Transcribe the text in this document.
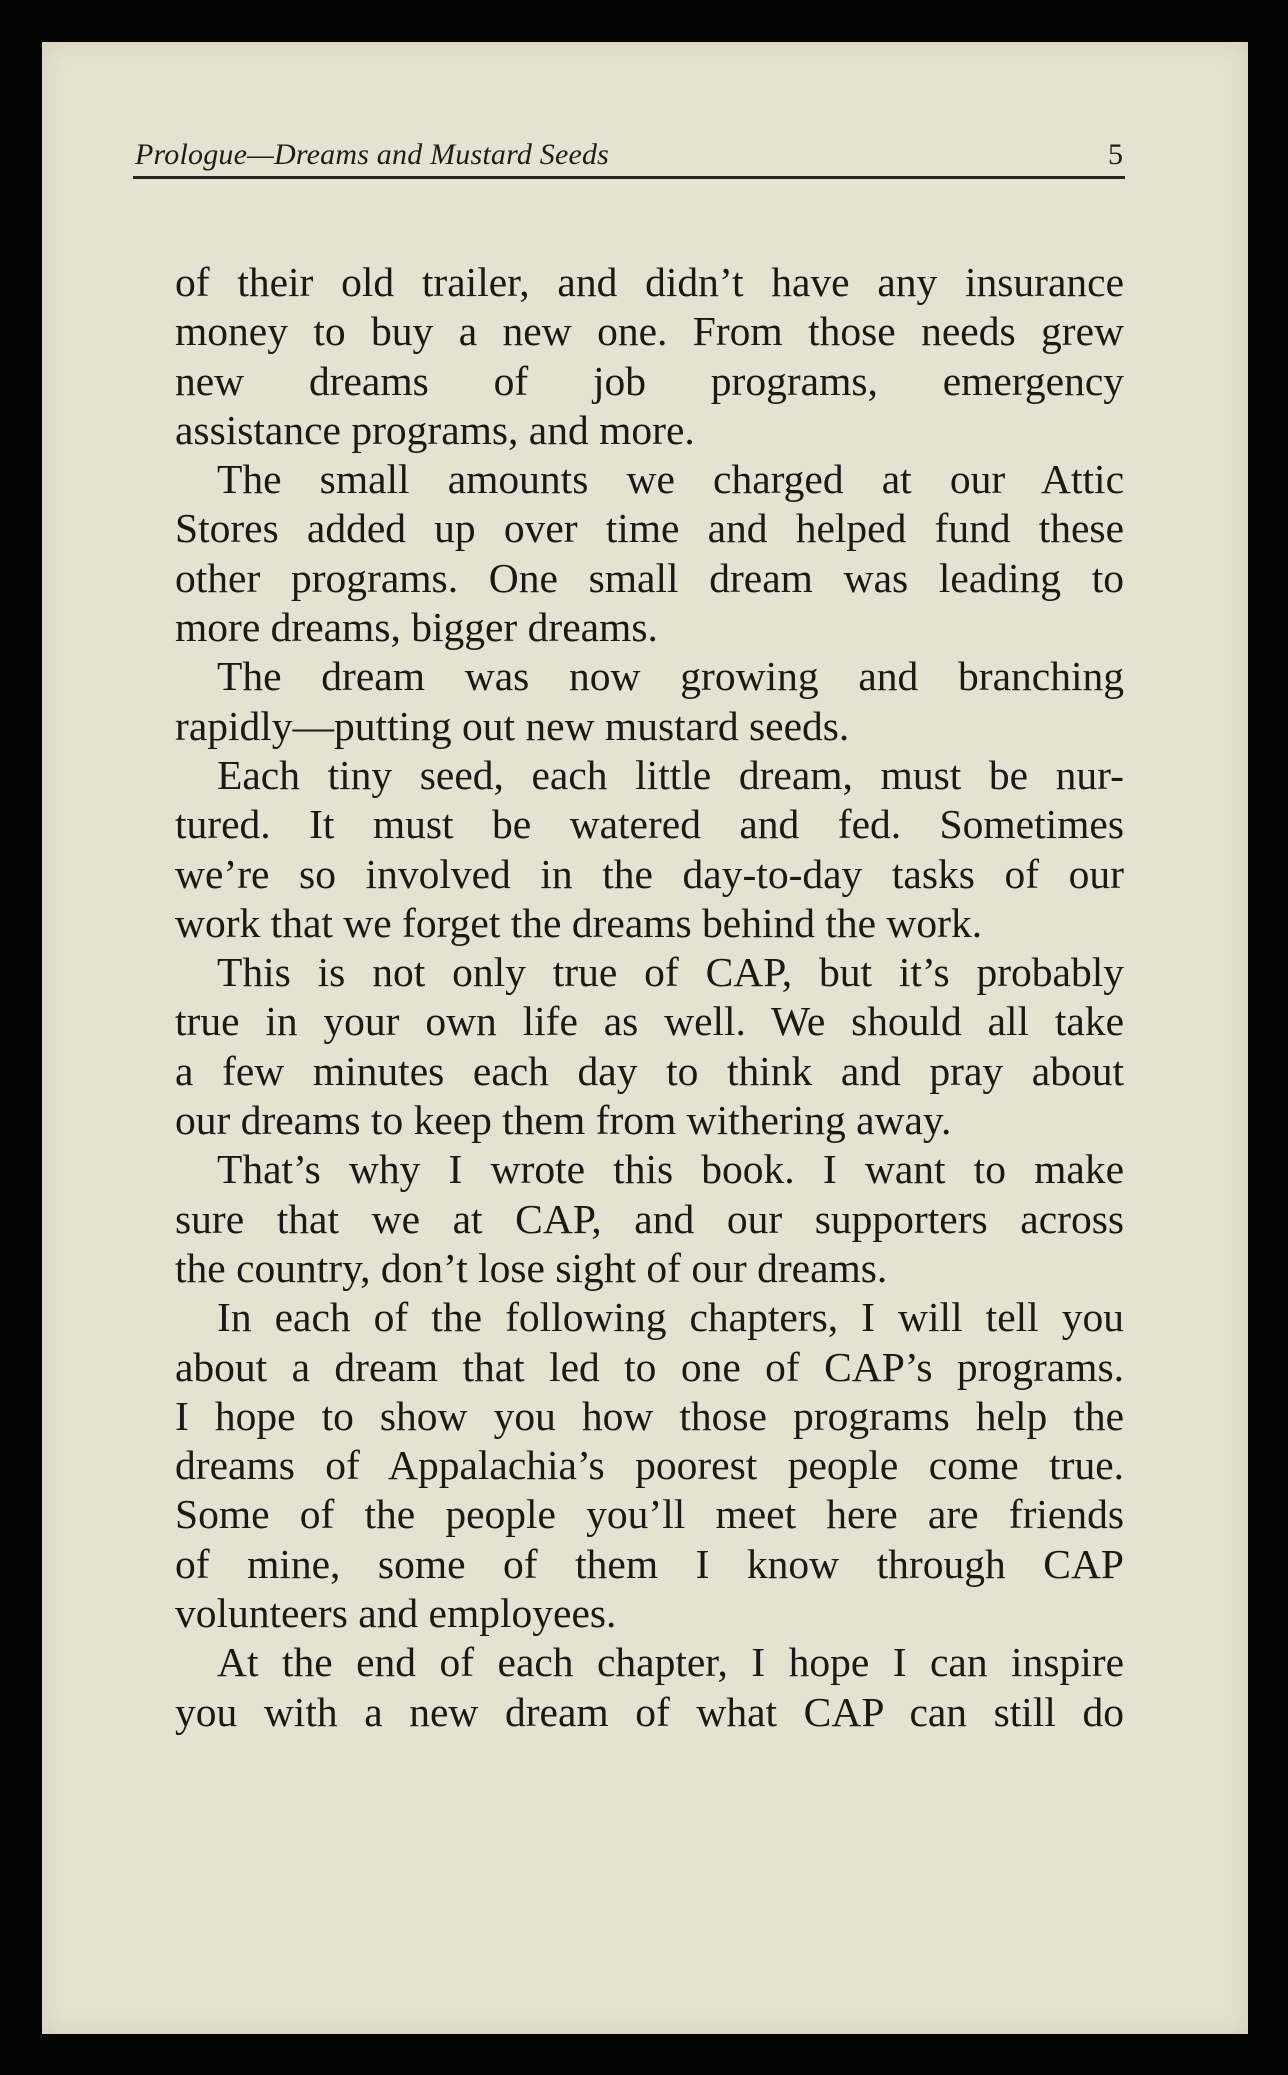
Prologue—Dreams and Mustard Seeds	5

of their old trailer, and didn’t have any insurance

money to buy a new one. From those needs grew

new dreams of job programs, emergency

assistance programs, and more.

The small amounts we charged at our Attic

Stores added up over time and helped fund these

other programs. One small dream was leading to

more dreams, bigger dreams.

The dream was now growing and branching

rapidly—putting out new mustard seeds.

Each tiny seed, each little dream, must be nur-

tured. It must be watered and fed. Sometimes

we’re so involved in the day-to-day tasks of our

work that we forget the dreams behind the work.

This is not only true of CAP, but it’s probably

true in your own life as well. We should all take

a few minutes each day to think and pray about

our dreams to keep them from withering away.

That’s why I wrote this book. I want to make

sure that we at CAP, and our supporters across

the country, don’t lose sight of our dreams.

In each of the following chapters, I will tell you

about a dream that led to one of CAP’s programs.

I hope to show you how those programs help the

dreams of Appalachia’s poorest people come true.

Some of the people you’ll meet here are friends

of mine, some of them I know through CAP

volunteers and employees.

At the end of each chapter, I hope I can inspire

you with a new dream of what CAP can still do
